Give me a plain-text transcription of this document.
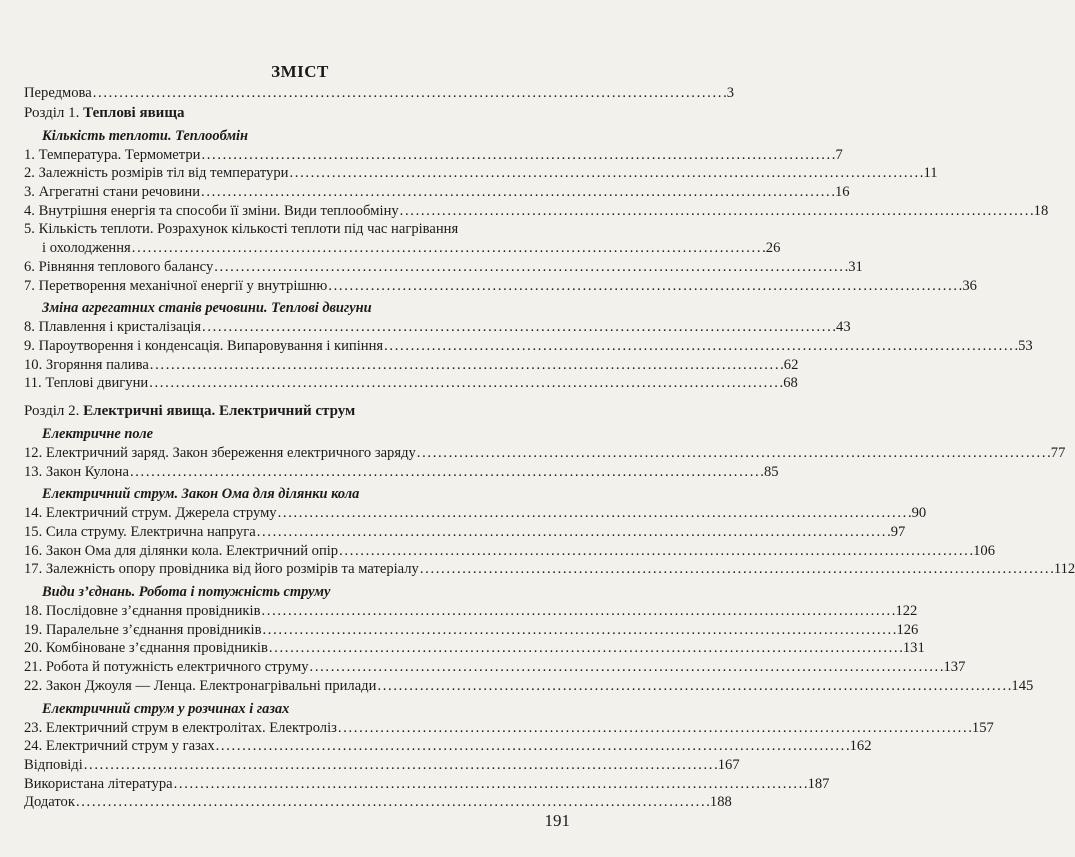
ЗМІСТ
Передмова . . .	3
Розділ 1. Теплові явища
Кількість теплоти. Теплообмін
1. Температура. Термометри . . .	7
2. Залежність розмірів тіл від температури . . .	11
3. Агрегатні стани речовини . . .	16
4. Внутрішня енергія та способи її зміни. Види теплообміну . . .	18
5. Кількість теплоти. Розрахунок кількості теплоти під час нагрівання
і охолодження . . .	26
6. Рівняння теплового балансу . . .	31
7. Перетворення механічної енергії у внутрішню . . .	36
Зміна агрегатних станів речовини. Теплові двигуни
8. Плавлення і кристалізація . . .	43
9. Пароутворення і конденсація. Випаровування і кипіння . . .	53
10. Згоряння палива . . .	62
11. Теплові двигуни . . .	68
Розділ 2. Електричні явища. Електричний струм
Електричне поле
12. Електричний заряд. Закон збереження електричного заряду . . .	77
13. Закон Кулона . . .	85
Електричний струм. Закон Ома для ділянки кола
14. Електричний струм. Джерела струму . . .	90
15. Сила струму. Електрична напруга . . .	97
16. Закон Ома для ділянки кола. Електричний опір . . .	106
17. Залежність опору провідника від його розмірів та матеріалу . . .	112
Види з’єднань. Робота і потужність струму
18. Послідовне з’єднання провідників . . .	122
19. Паралельне з’єднання провідників . . .	126
20. Комбіноване з’єднання провідників . . .	131
21. Робота й потужність електричного струму . . .	137
22. Закон Джоуля — Ленца. Електронагрівальні прилади . . .	145
Електричний струм у розчинах і газах
23. Електричний струм в електролітах. Електроліз . . .	157
24. Електричний струм у газах . . .	162
Відповіді . . .	167
Використана література . . .	187
Додаток . . .	188
191
